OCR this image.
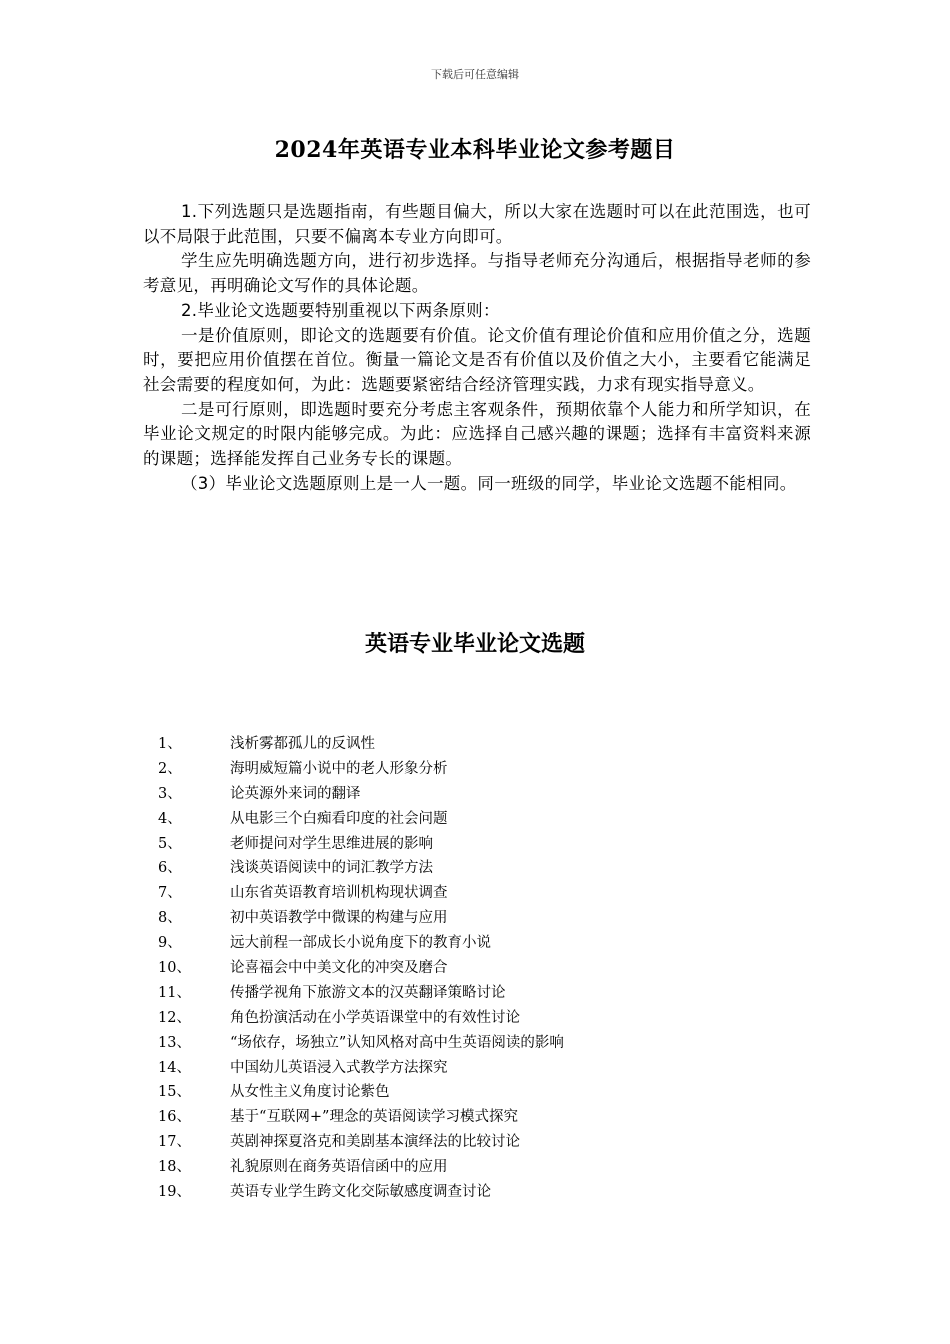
下载后可任意编辑
2024年英语专业本科毕业论文参考题目

1.下列选题只是选题指南，有些题目偏大，所以大家在选题时可以在此范围选，也可以不局限于此范围，只要不偏离本专业方向即可。

学生应先明确选题方向，进行初步选择。与指导老师充分沟通后，根据指导老师的参考意见，再明确论文写作的具体论题。

2.毕业论文选题要特别重视以下两条原则：

一是价值原则，即论文的选题要有价值。论文价值有理论价值和应用价值之分，选题时，要把应用价值摆在首位。衡量一篇论文是否有价值以及价值之大小，主要看它能满足社会需要的程度如何，为此：选题要紧密结合经济管理实践，力求有现实指导意义。

二是可行原则，即选题时要充分考虑主客观条件，预期依靠个人能力和所学知识，在毕业论文规定的时限内能够完成。为此：应选择自己感兴趣的课题；选择有丰富资料来源的课题；选择能发挥自己业务专长的课题。

（3）毕业论文选题原则上是一人一题。同一班级的同学，毕业论文选题不能相同。

英语专业毕业论文选题
1、	浅析雾都孤儿的反讽性
2、	海明威短篇小说中的老人形象分析
3、	论英源外来词的翻译
4、	从电影三个白痴看印度的社会问题
5、	老师提问对学生思维进展的影响
6、	浅谈英语阅读中的词汇教学方法
7、	山东省英语教育培训机构现状调查
8、	初中英语教学中微课的构建与应用
9、	远大前程一部成长小说角度下的教育小说
10、	论喜福会中中美文化的冲突及磨合
11、	传播学视角下旅游文本的汉英翻译策略讨论
12、	角色扮演活动在小学英语课堂中的有效性讨论
13、	“场依存，场独立”认知风格对高中生英语阅读的影响
14、	中国幼儿英语浸入式教学方法探究
15、	从女性主义角度讨论紫色
16、	基于“互联网+”理念的英语阅读学习模式探究
17、	英剧神探夏洛克和美剧基本演绎法的比较讨论
18、	礼貌原则在商务英语信函中的应用
19、	英语专业学生跨文化交际敏感度调查讨论
